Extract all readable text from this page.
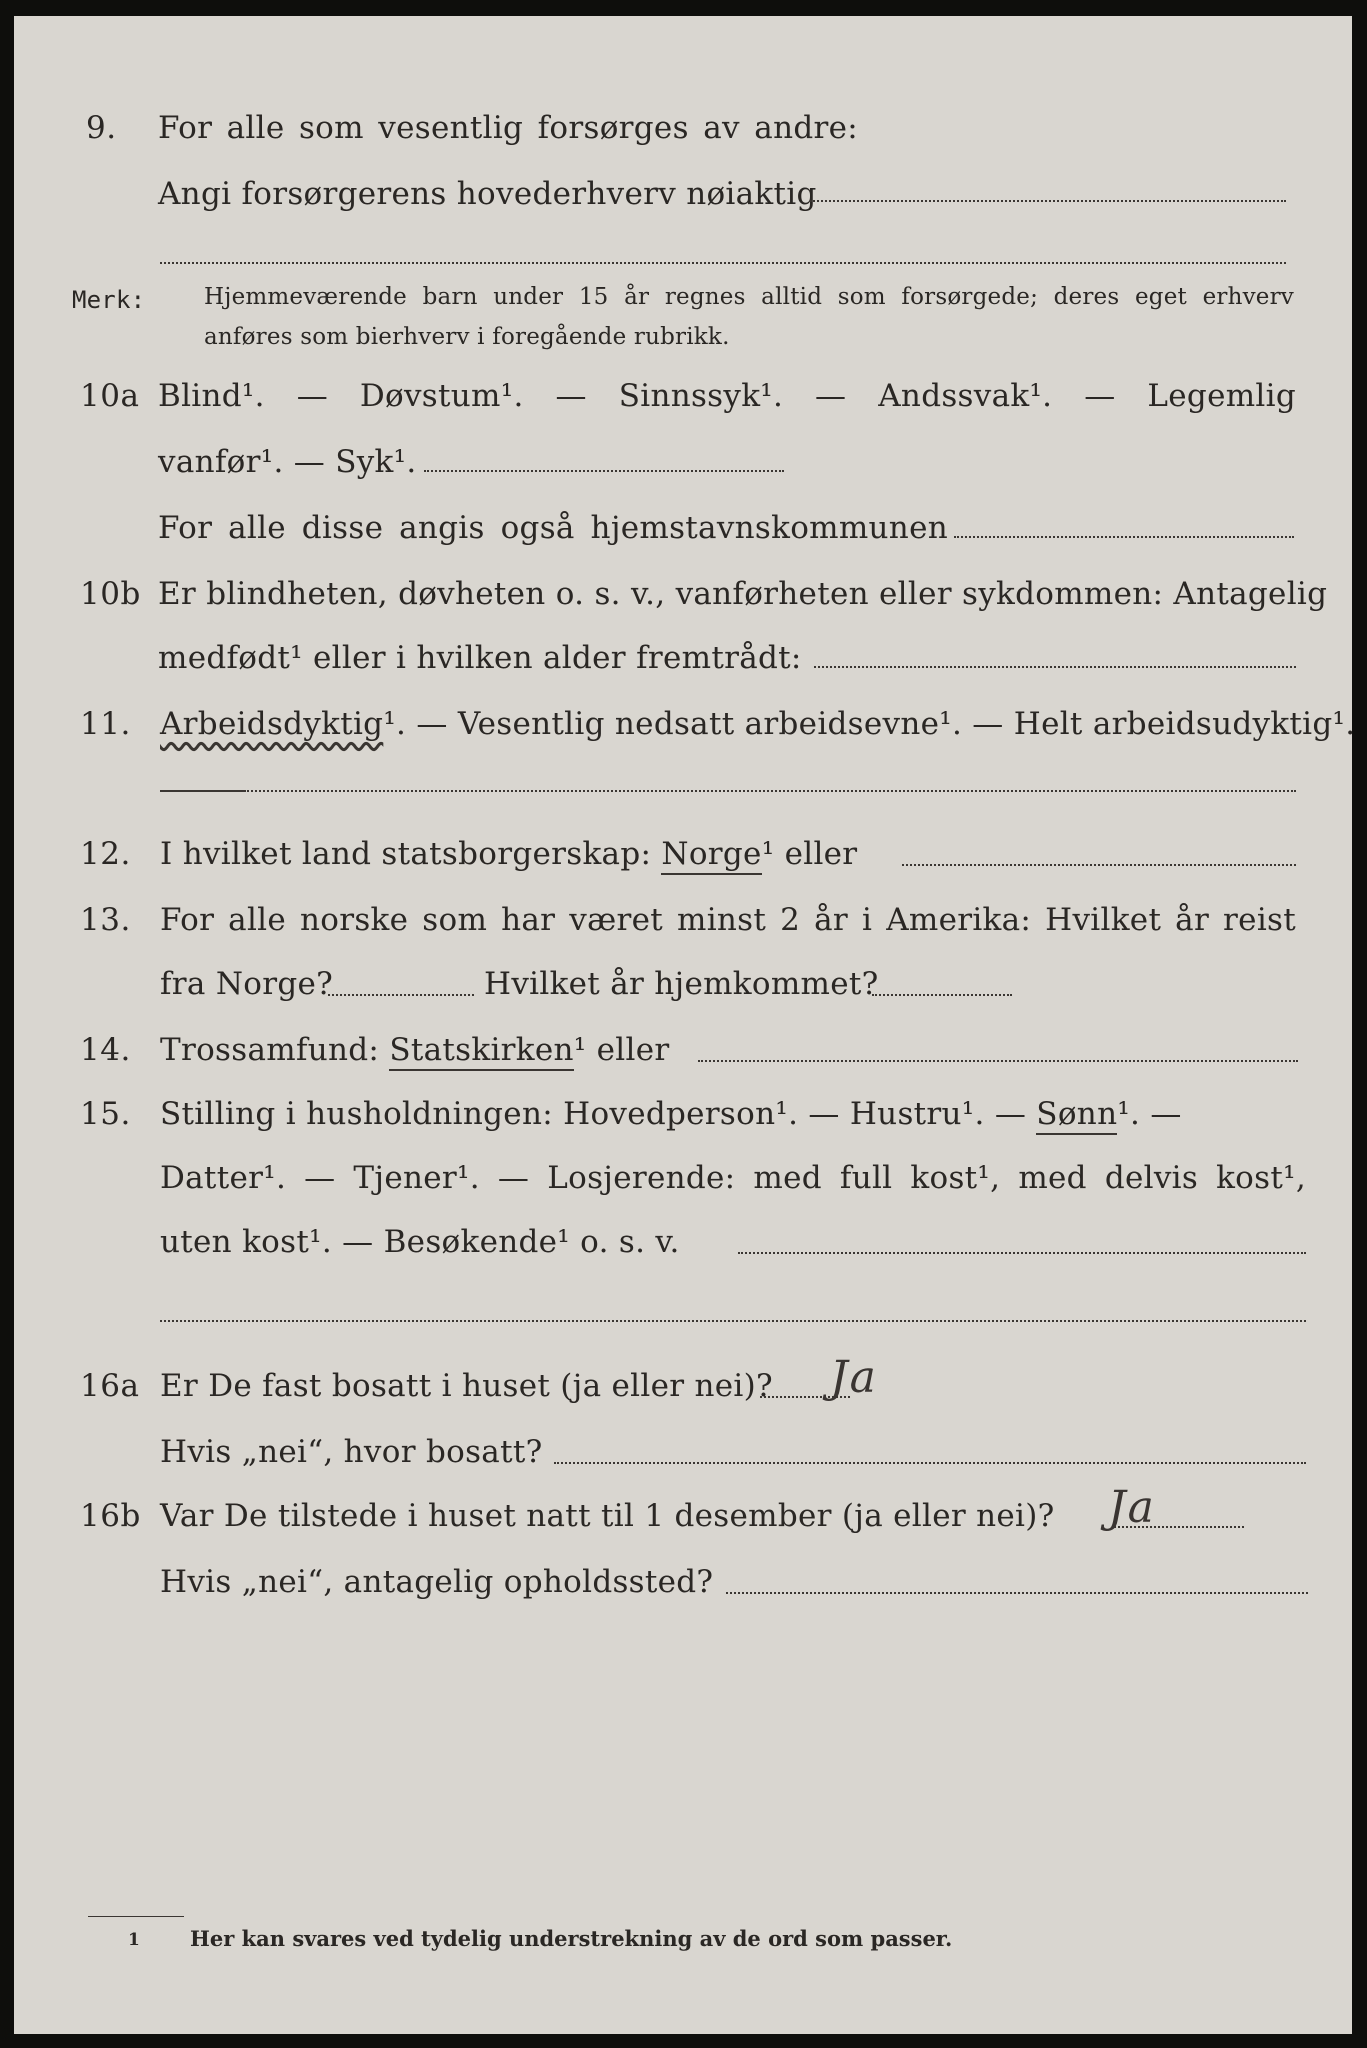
9. For alle som vesentlig forsørges av andre:
Angi forsørgerens hovederhverv nøiaktig
Merk:	Hjemmeværende barn under 15 år regnes alltid som forsørgede; deres eget erhverv
anføres som bierhverv i foregående rubrikk.
10a Blind¹. — Døvstum¹. — Sinnssyk¹. — Andssvak¹. — Legemlig
vanfør¹. — Syk¹.
For alle disse angis også hjemstavnskommunen
10b Er blindheten, døvheten o. s. v., vanførheten eller sykdommen: Antagelig
medfødt¹ eller i hvilken alder fremtrådt:
11. Arbeidsdyktig¹. — Vesentlig nedsatt arbeidsevne¹. — Helt arbeidsudyktig¹.
12. I hvilket land statsborgerskap: Norge¹ eller
13. For alle norske som har været minst 2 år i Amerika: Hvilket år reist
fra Norge?	Hvilket år hjemkommet?
14. Trossamfund: Statskirken¹ eller
15. Stilling i husholdningen: Hovedperson¹. — Hustru¹. — Sønn¹. —
Datter¹. — Tjener¹. — Losjerende: med full kost¹, med delvis kost¹,
uten kost¹. — Besøkende¹ o. s. v.
16a Er De fast bosatt i huset (ja eller nei)? Ja
Hvis „nei“, hvor bosatt?
16b Var De tilstede i huset natt til 1 desember (ja eller nei)? Ja
Hvis „nei“, antagelig opholdssted?
1 Her kan svares ved tydelig understrekning av de ord som passer.
